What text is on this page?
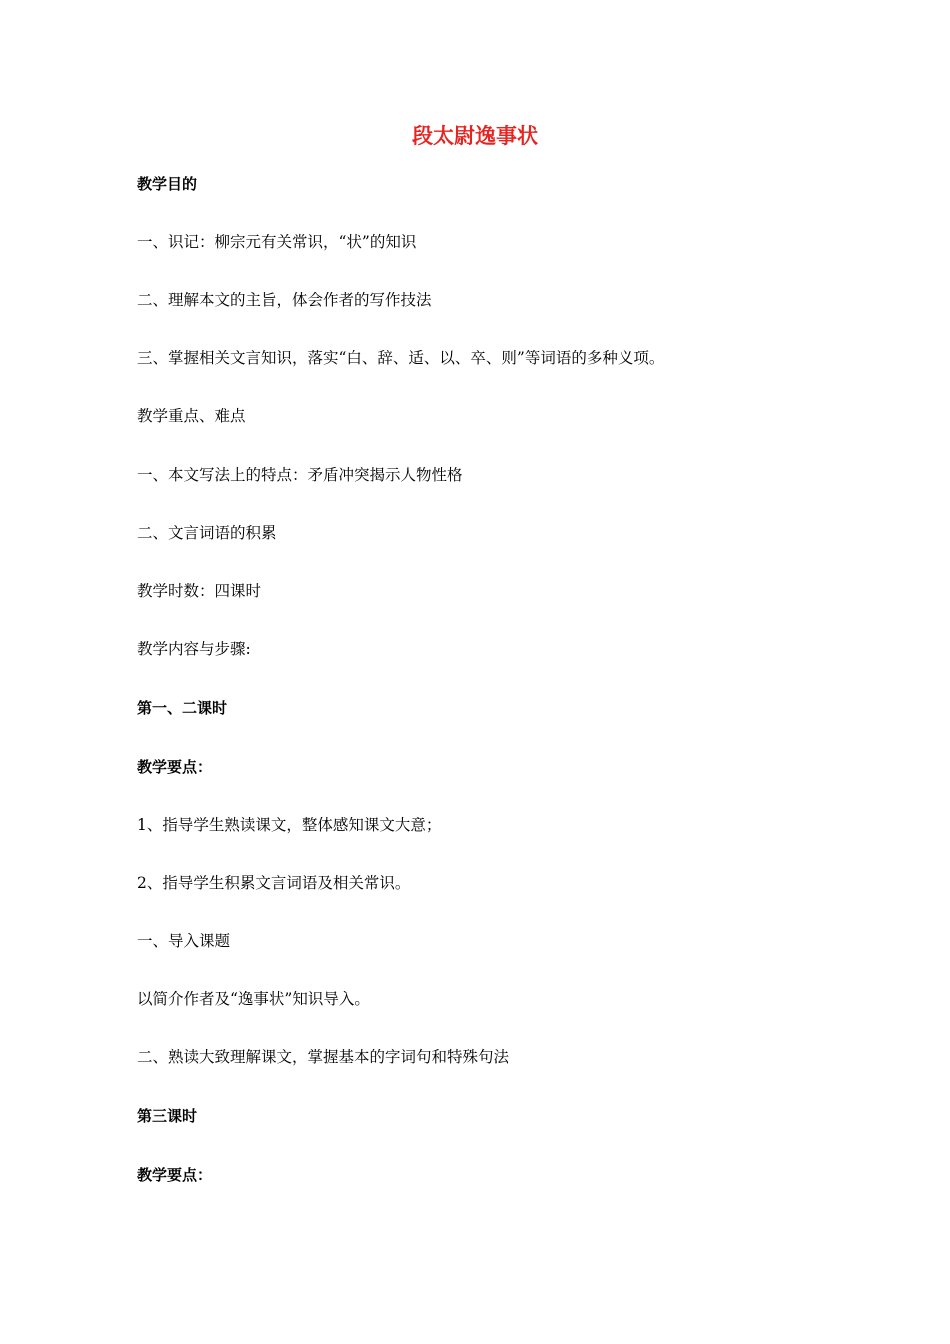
段太尉逸事状
教学目的
一、识记：柳宗元有关常识，“状”的知识
二、理解本文的主旨，体会作者的写作技法
三、掌握相关文言知识，落实“白、辞、适、以、卒、则”等词语的多种义项。
教学重点、难点
一、本文写法上的特点：矛盾冲突揭示人物性格
二、文言词语的积累
教学时数：四课时
教学内容与步骤:
第一、二课时
教学要点：
1、指导学生熟读课文，整体感知课文大意；
2、指导学生积累文言词语及相关常识。
一、导入课题
以简介作者及“逸事状”知识导入。
二、熟读大致理解课文，掌握基本的字词句和特殊句法
第三课时
教学要点：
